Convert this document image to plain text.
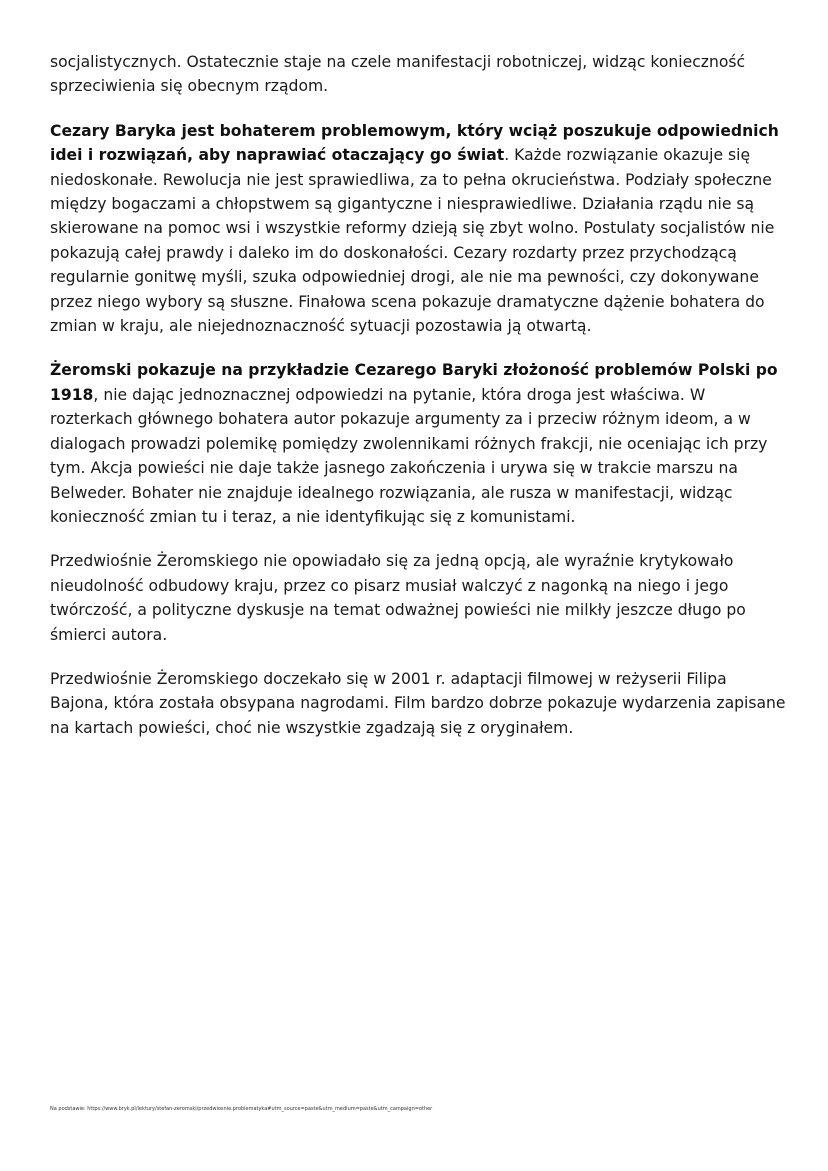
socjalistycznych. Ostatecznie staje na czele manifestacji robotniczej, widząc konieczność sprzeciwienia się obecnym rządom.

Cezary Baryka jest bohaterem problemowym, który wciąż poszukuje odpowiednich idei i rozwiązań, aby naprawiać otaczający go świat. Każde rozwiązanie okazuje się niedoskonałe. Rewolucja nie jest sprawiedliwa, za to pełna okrucieństwa. Podziały społeczne między bogaczami a chłopstwem są gigantyczne i niesprawiedliwe. Działania rządu nie są skierowane na pomoc wsi i wszystkie reformy dzieją się zbyt wolno. Postulaty socjalistów nie pokazują całej prawdy i daleko im do doskonałości. Cezary rozdarty przez przychodzącą regularnie gonitwę myśli, szuka odpowiedniej drogi, ale nie ma pewności, czy dokonywane przez niego wybory są słuszne. Finałowa scena pokazuje dramatyczne dążenie bohatera do zmian w kraju, ale niejednoznaczność sytuacji pozostawia ją otwartą.

Żeromski pokazuje na przykładzie Cezarego Baryki złożoność problemów Polski po 1918, nie dając jednoznacznej odpowiedzi na pytanie, która droga jest właściwa. W rozterkach głównego bohatera autor pokazuje argumenty za i przeciw różnym ideom, a w dialogach prowadzi polemikę pomiędzy zwolennikami różnych frakcji, nie oceniając ich przy tym. Akcja powieści nie daje także jasnego zakończenia i urywa się w trakcie marszu na Belweder. Bohater nie znajduje idealnego rozwiązania, ale rusza w manifestacji, widząc konieczność zmian tu i teraz, a nie identyfikując się z komunistami.

Przedwiośnie Żeromskiego nie opowiadało się za jedną opcją, ale wyraźnie krytykowało nieudolność odbudowy kraju, przez co pisarz musiał walczyć z nagonką na niego i jego twórczość, a polityczne dyskusje na temat odważnej powieści nie milkły jeszcze długo po śmierci autora.

Przedwiośnie Żeromskiego doczekało się w 2001 r. adaptacji filmowej w reżyserii Filipa Bajona, która została obsypana nagrodami. Film bardzo dobrze pokazuje wydarzenia zapisane na kartach powieści, choć nie wszystkie zgadzają się z oryginałem.

Na podstawie: https://www.bryk.pl/lektury/stefan-zeromski/przedwiosnie.problematyka#utm_source=paste&utm_medium=paste&utm_campaign=other
